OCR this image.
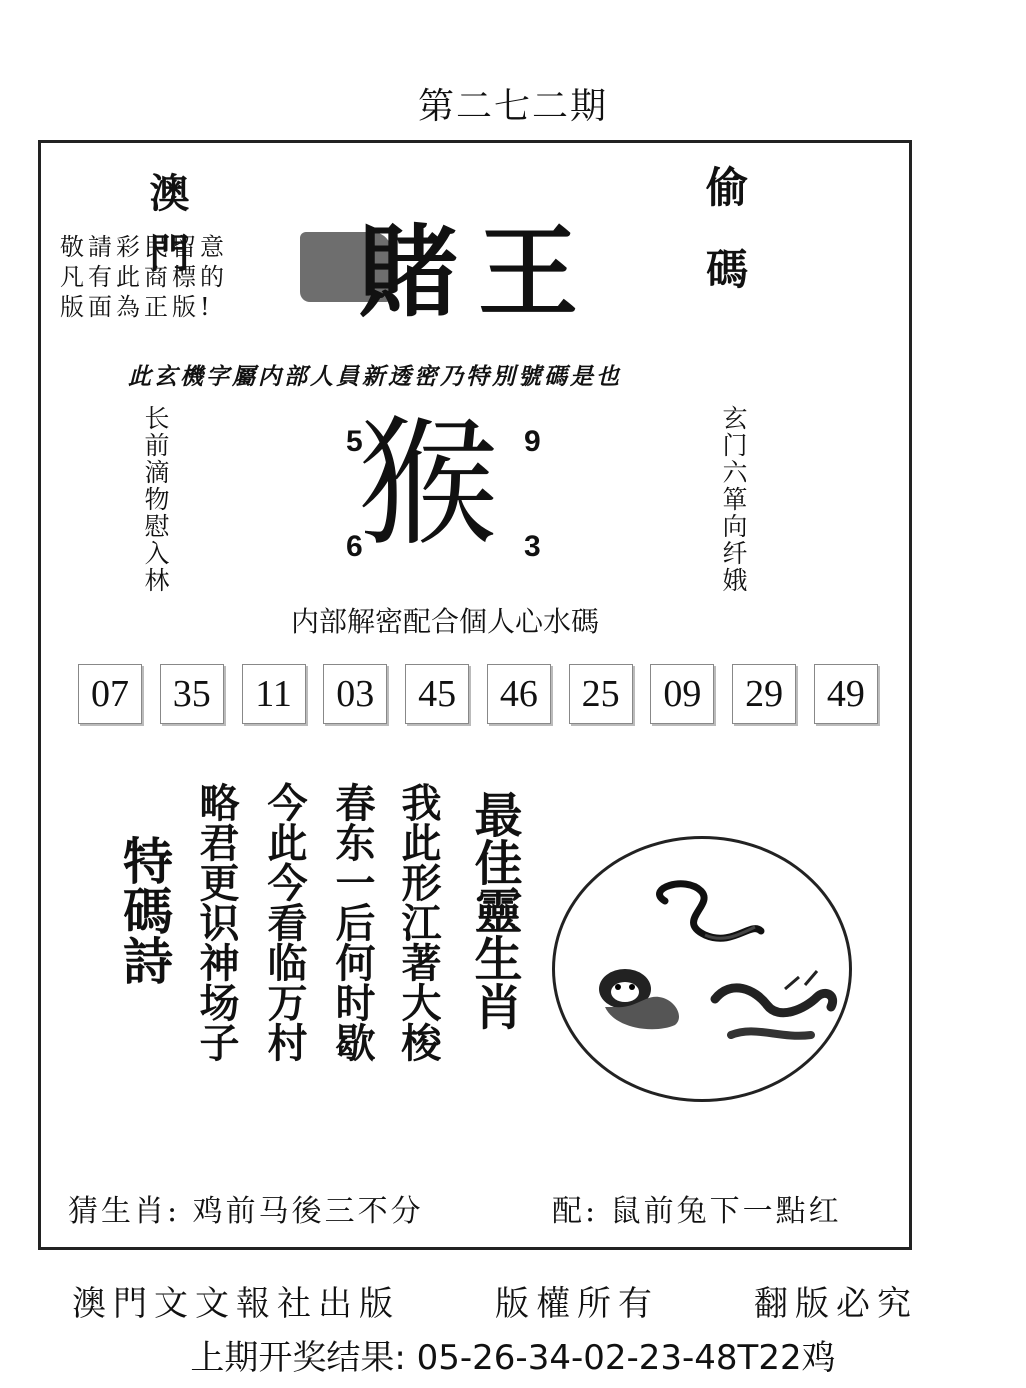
第二七二期
澳門	偷碼
敬請彩民留意
凡有此商標的
版面為正版!	賭王
此玄機字屬内部人員新透密乃特別號碼是也
长前滴物慰入林	玄门六箪向纤娥
5	9
6	3
猴
内部解密配合個人心水碼
07	35	11	03	45	46	25	09	29	49
特碼詩 略君更识神场子 今此今看临万村 春东一后何时歇 我此形江著大梭 最佳靈生肖
猜生肖: 鸡前马後三不分	配: 鼠前兔下一點红
澳門文文報社出版	版權所有	翻版必究
上期开奖结果: 05-26-34-02-23-48T22鸡
